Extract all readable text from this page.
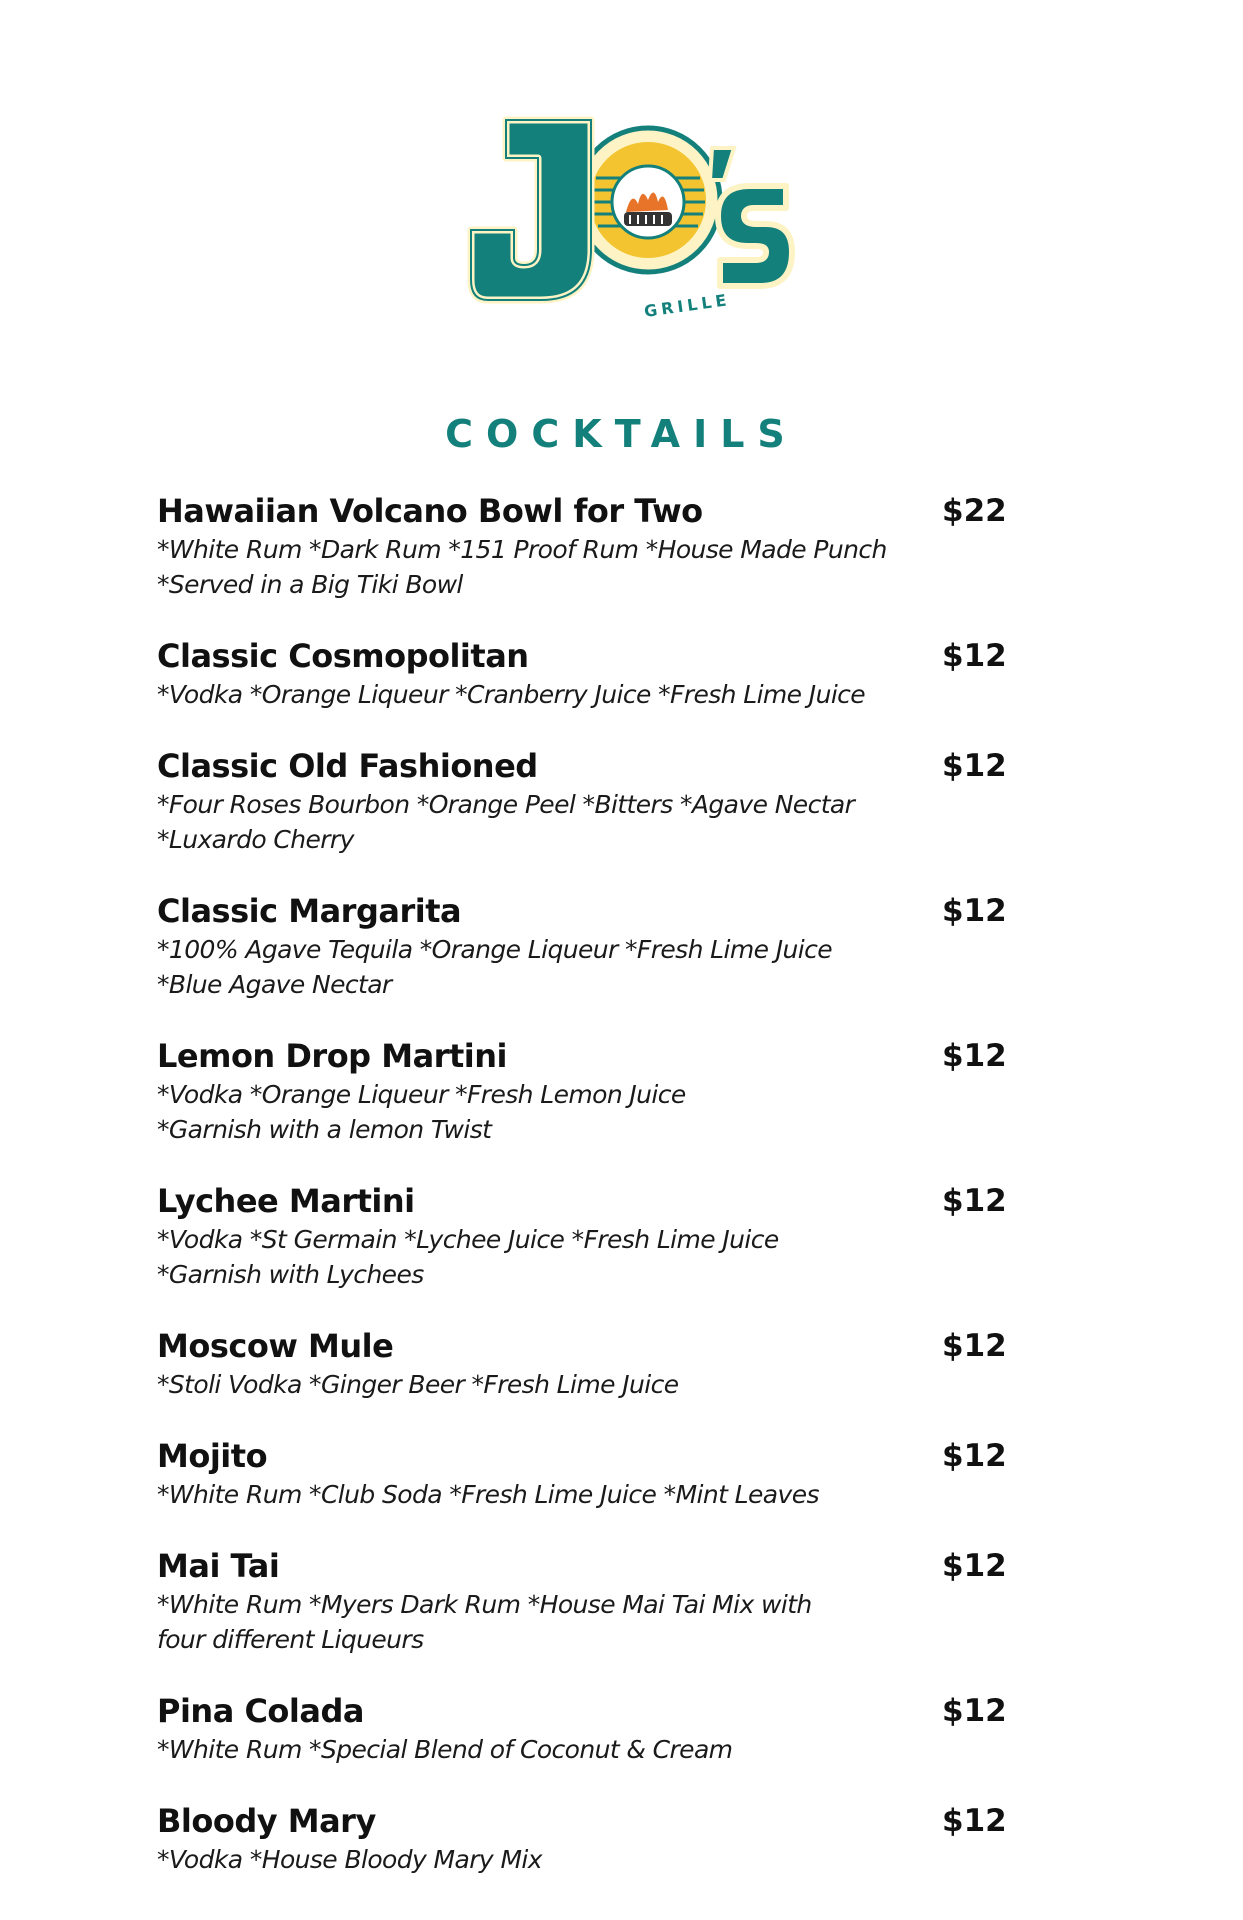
GRILLE
COCKTAILS
Hawaiian Volcano Bowl for Two	$22
*White Rum *Dark Rum *151 Proof Rum *House Made Punch
*Served in a Big Tiki Bowl
Classic Cosmopolitan	$12
*Vodka *Orange Liqueur *Cranberry Juice *Fresh Lime Juice
Classic Old Fashioned	$12
*Four Roses Bourbon *Orange Peel *Bitters *Agave Nectar
*Luxardo Cherry
Classic Margarita	$12
*100% Agave Tequila *Orange Liqueur *Fresh Lime Juice
*Blue Agave Nectar
Lemon Drop Martini	$12
*Vodka *Orange Liqueur *Fresh Lemon Juice
*Garnish with a lemon Twist
Lychee Martini	$12
*Vodka *St Germain *Lychee Juice *Fresh Lime Juice
*Garnish with Lychees
Moscow Mule	$12
*Stoli Vodka *Ginger Beer *Fresh Lime Juice
Mojito	$12
*White Rum *Club Soda *Fresh Lime Juice *Mint Leaves
Mai Tai	$12
*White Rum *Myers Dark Rum *House Mai Tai Mix with
four different Liqueurs
Pina Colada	$12
*White Rum *Special Blend of Coconut & Cream
Bloody Mary	$12
*Vodka *House Bloody Mary Mix
